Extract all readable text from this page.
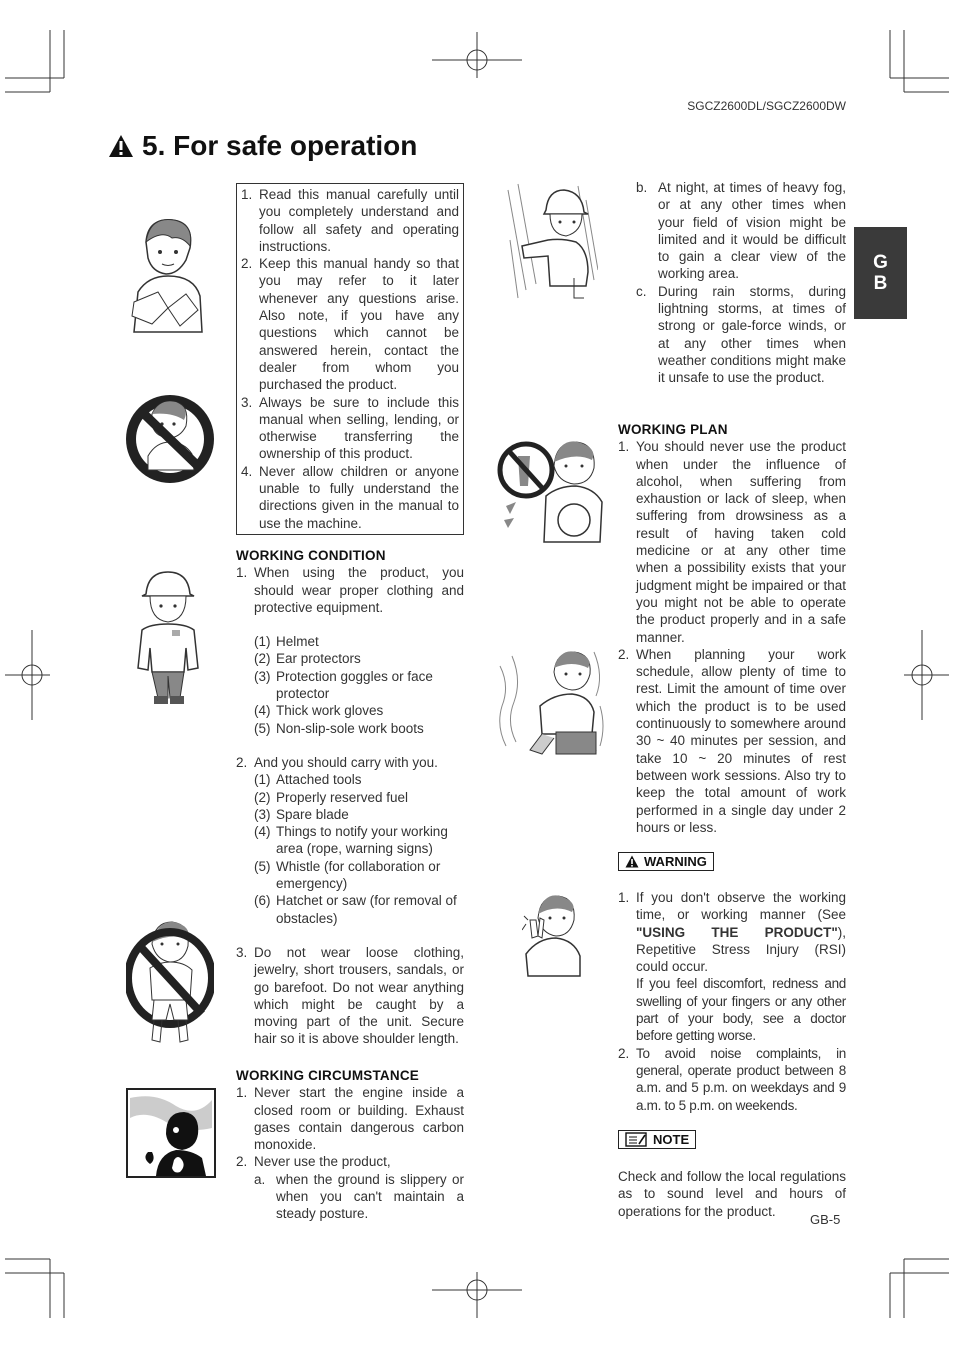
SGCZ2600DL/SGCZ2600DW
5. For safe operation
G
B
1. Read this manual carefully until you completely understand and follow all safety and operating instructions.
2. Keep this manual handy so that you may refer to it later whenever any questions arise. Also note, if you have any questions which cannot be answered herein, contact the dealer from whom you purchased the product.
3. Always be sure to include this manual when selling, lending, or otherwise transferring the ownership of this product.
4. Never allow children or anyone unable to fully understand the directions given in the manual to use the machine.
WORKING CONDITION
1. When using the product, you should wear proper clothing and protective equipment.
(1) Helmet
(2) Ear protectors
(3) Protection goggles or face protector
(4) Thick work gloves
(5) Non-slip-sole work boots
2. And you should carry with you.
(1) Attached tools
(2) Properly reserved fuel
(3) Spare blade
(4) Things to notify your working area (rope, warning signs)
(5) Whistle (for collaboration or emergency)
(6) Hatchet or saw (for removal of obstacles)
3. Do not wear loose clothing, jewelry, short trousers, sandals, or go barefoot. Do not wear anything which might be caught by a moving part of the unit. Secure hair so it is above shoulder length.
WORKING CIRCUMSTANCE
1. Never start the engine inside a closed room or building. Exhaust gases contain dangerous carbon monoxide.
2. Never use the product,
a. when the ground is slippery or when you can't maintain a steady posture.
b. At night, at times of heavy fog, or at any other times when your field of vision might be limited and it would be difficult to gain a clear view of the working area.
c. During rain storms, during lightning storms, at times of strong or gale-force winds, or at any other times when weather conditions might make it unsafe to use the product.
WORKING PLAN
1. You should never use the product when under the influence of alcohol, when suffering from exhaustion or lack of sleep, when suffering from drowsiness as a result of having taken cold medicine or at any other time when a possibility exists that your judgment might be impaired or that you might not be able to operate the product properly and in a safe manner.
2. When planning your work schedule, allow plenty of time to rest. Limit the amount of time over which the product is to be used continuously to somewhere around 30 ~ 40 minutes per session, and take 10 ~ 20 minutes of rest between work sessions. Also try to keep the total amount of work performed in a single day under 2 hours or less.
WARNING
1. If you don't observe the working time, or working manner (See "USING THE PRODUCT"), Repetitive Stress Injury (RSI) could occur.
If you feel discomfort, redness and swelling of your fingers or any other part of your body, see a doctor before getting worse.
2. To avoid noise complaints, in general, operate product between 8 a.m. and 5 p.m. on weekdays and 9 a.m. to 5 p.m. on weekends.
NOTE
Check and follow the local regulations as to sound level and hours of operations for the product.
GB-5
